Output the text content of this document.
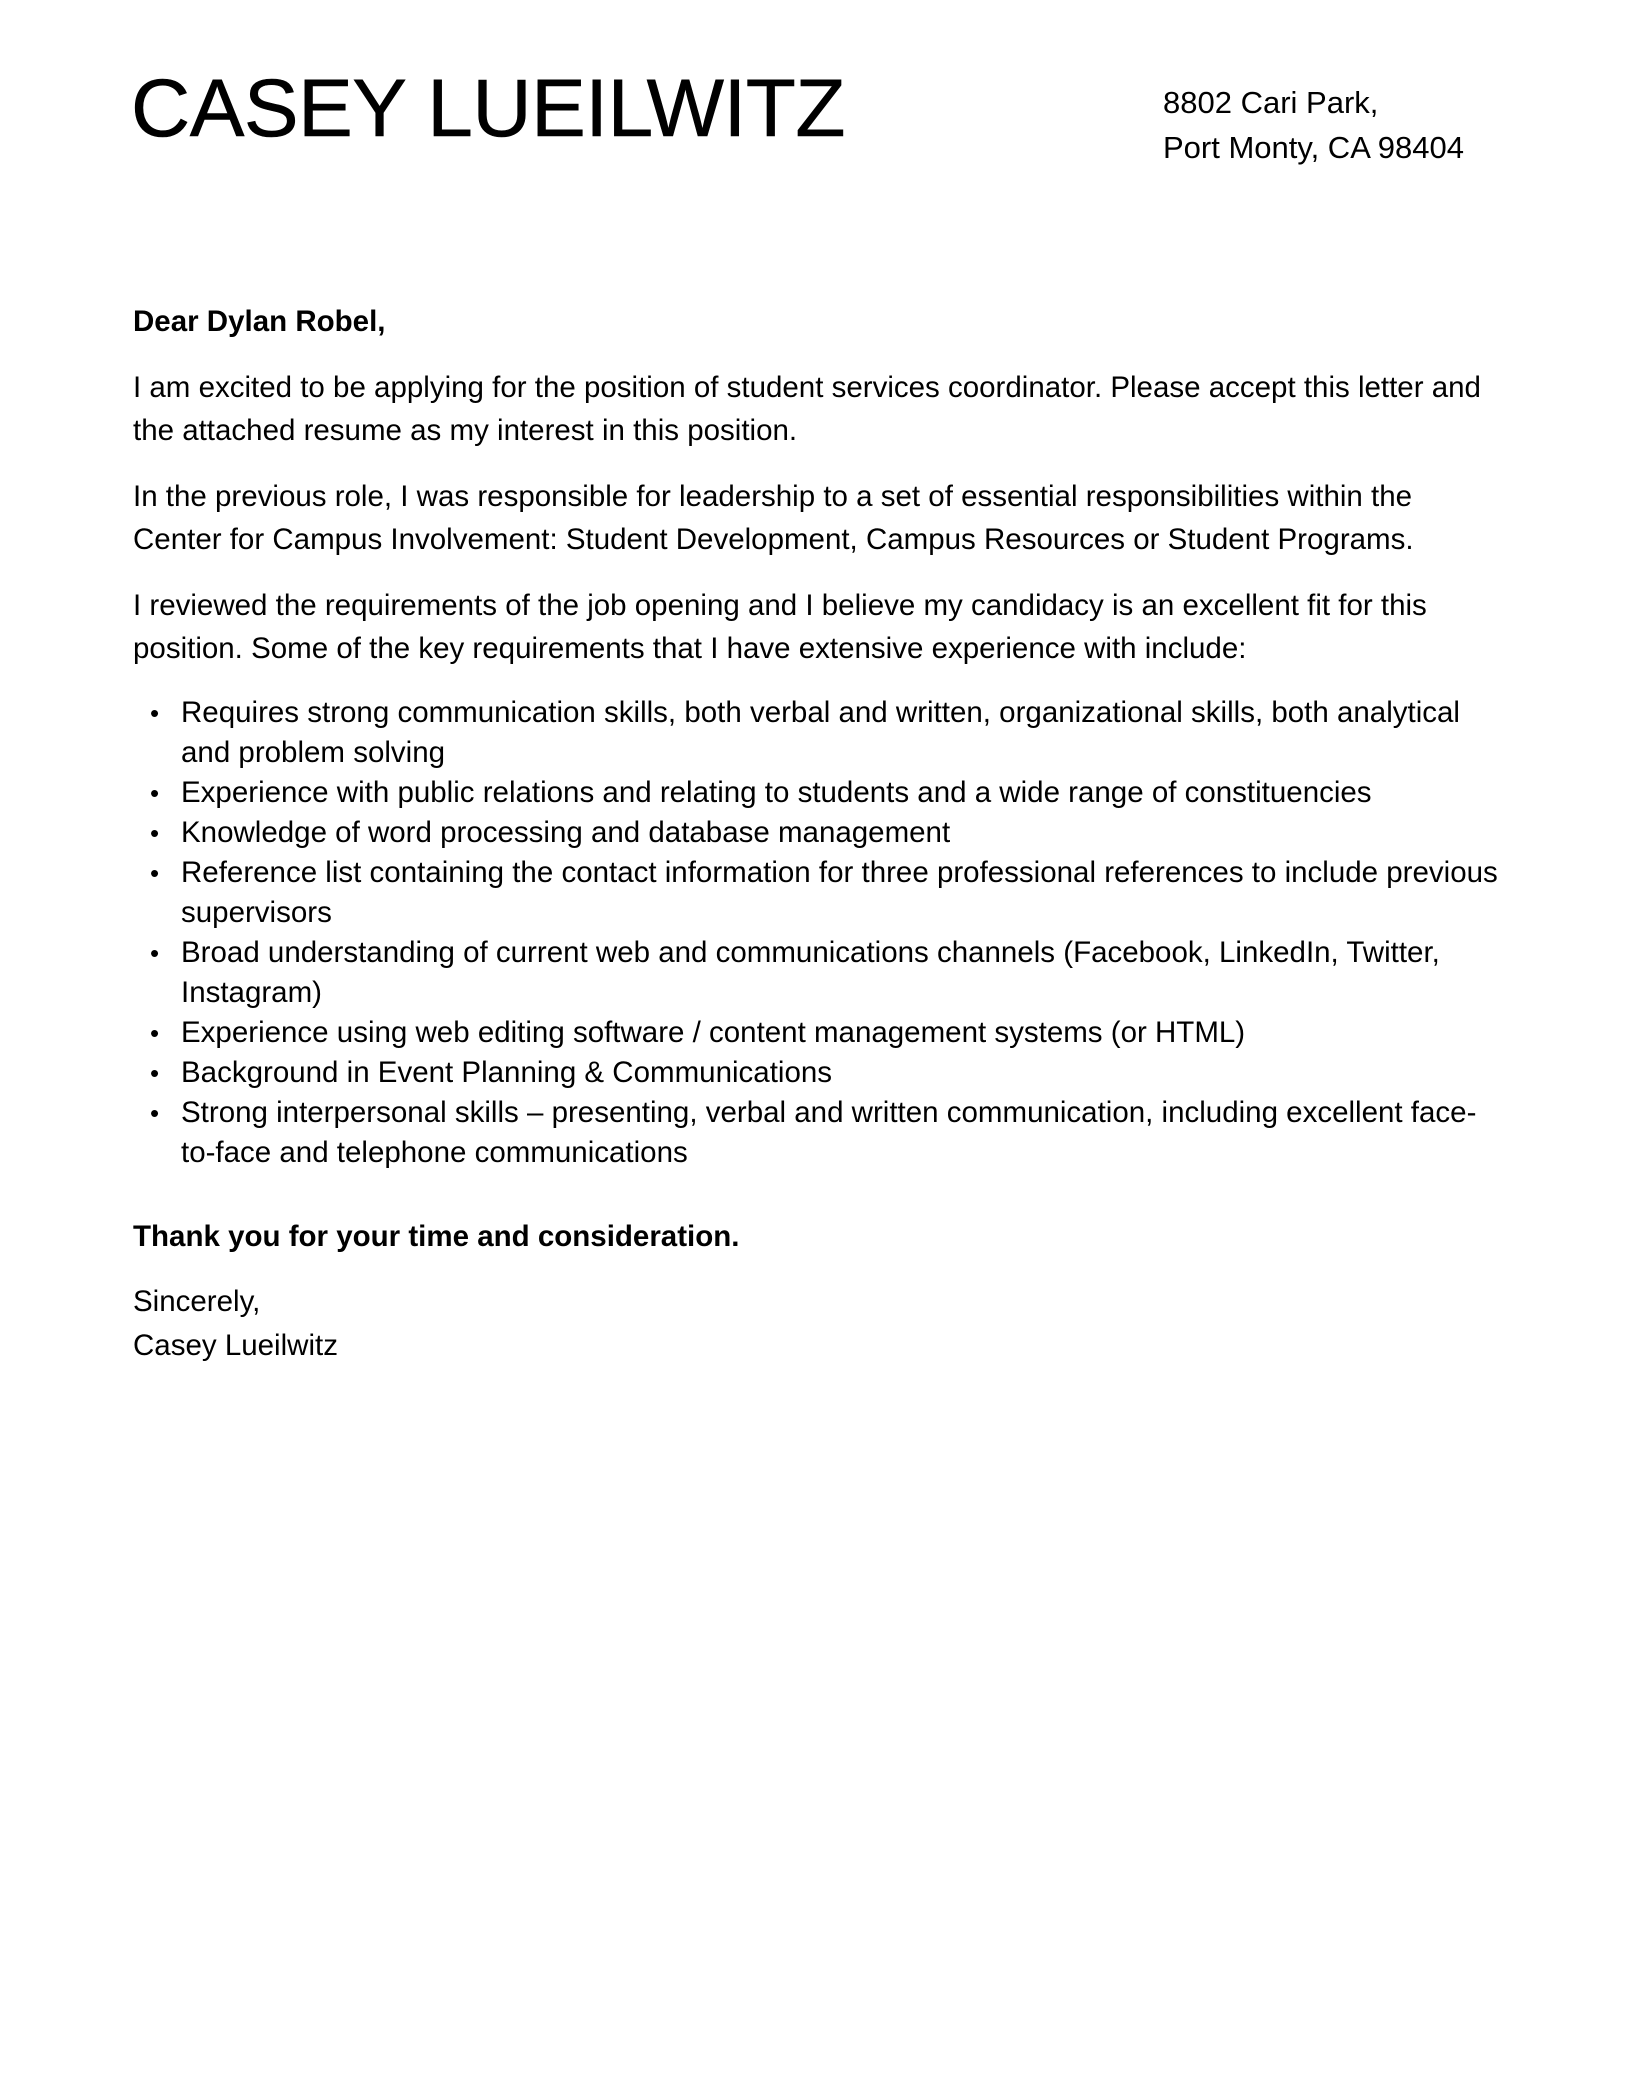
CASEY LUEILWITZ	8802 Cari Park,
Port Monty, CA 98404
Dear Dylan Robel,

I am excited to be applying for the position of student services coordinator. Please accept this letter and the attached resume as my interest in this position.

In the previous role, I was responsible for leadership to a set of essential responsibilities within the Center for Campus Involvement: Student Development, Campus Resources or Student Programs.

I reviewed the requirements of the job opening and I believe my candidacy is an excellent fit for this position. Some of the key requirements that I have extensive experience with include:

• Requires strong communication skills, both verbal and written, organizational skills, both analytical and problem solving
• Experience with public relations and relating to students and a wide range of constituencies
• Knowledge of word processing and database management
• Reference list containing the contact information for three professional references to include previous supervisors
• Broad understanding of current web and communications channels (Facebook, LinkedIn, Twitter, Instagram)
• Experience using web editing software / content management systems (or HTML)
• Background in Event Planning & Communications
• Strong interpersonal skills – presenting, verbal and written communication, including excellent face-to-face and telephone communications
Thank you for your time and consideration.
Sincerely,
Casey Lueilwitz
